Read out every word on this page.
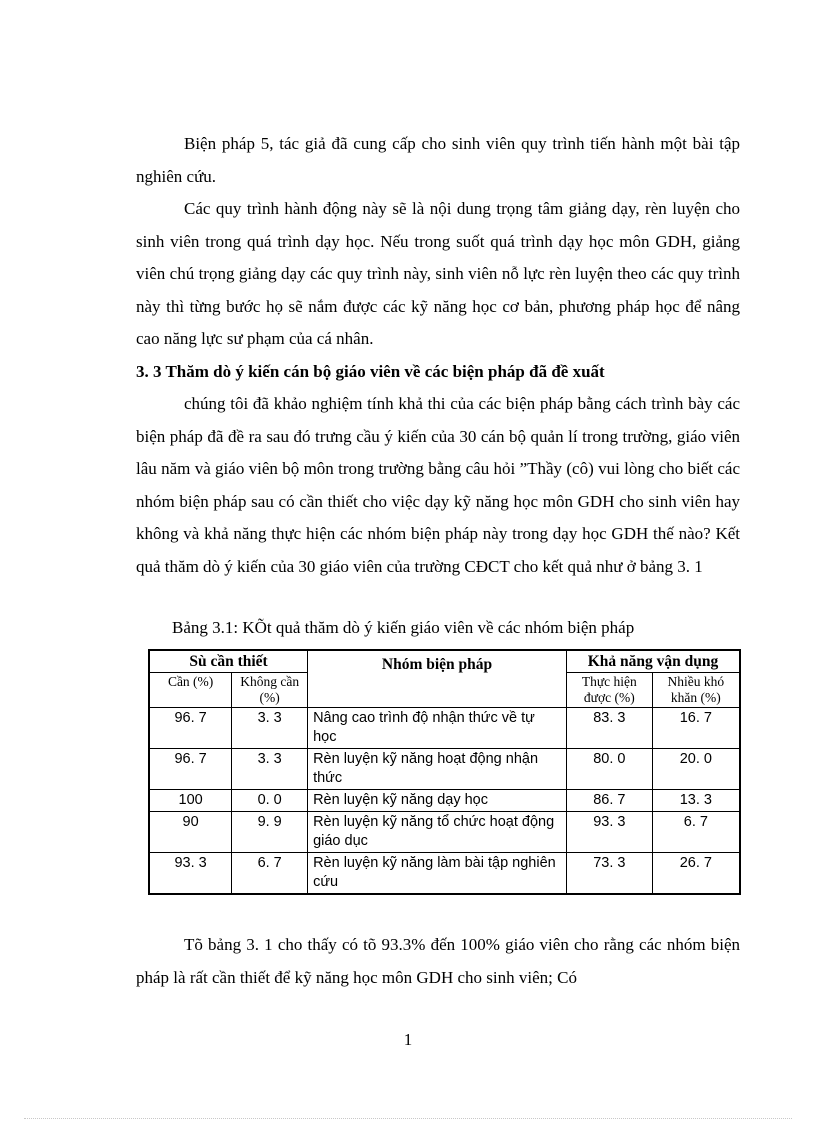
Biện pháp 5, tác giả đã cung cấp cho sinh viên quy trình tiến hành một bài tập nghiên cứu.

Các quy trình hành động này sẽ là nội dung trọng tâm giảng dạy, rèn luyện cho sinh viên trong quá trình dạy học. Nếu trong suốt quá trình dạy học môn GDH, giảng viên chú trọng giảng dạy các quy trình này, sinh viên nỗ lực rèn luyện theo các quy trình này thì từng bước họ sẽ nắm được các kỹ năng học cơ bản, phương pháp học để nâng cao năng lực sư phạm của cá nhân.

3. 3 Thăm dò ý kiến cán bộ giáo viên về các biện pháp đã đề xuất

chúng tôi đã khảo nghiệm tính khả thi của các biện pháp bằng cách trình bày các biện pháp đã đề ra sau đó trưng cầu ý kiến của 30 cán bộ quản lí trong trường, giáo viên lâu năm và giáo viên bộ môn trong trường bằng câu hỏi ”Thầy (cô) vui lòng cho biết các nhóm biện pháp sau có cần thiết cho việc dạy kỹ năng học môn GDH cho sinh viên hay không và khả năng thực hiện các nhóm biện pháp này trong dạy học GDH thế nào? Kết quả thăm dò ý kiến của 30 giáo viên của trường CĐCT cho kết quả như ở bảng 3. 1

Bảng 3.1: KÕt quả thăm dò ý kiến giáo viên về các nhóm biện pháp
Sù cần thiết		Nhóm biện pháp	Khả năng vận dụng	
Cần (%)	Không cần (%)		Thực hiện được (%)	Nhiều khó khăn (%)
96. 7	3. 3	Nâng cao trình độ nhận thức về tự học	83. 3	16. 7
96. 7	3. 3	Rèn luyện kỹ năng hoạt động nhận thức	80. 0	20. 0
100	0. 0	Rèn luyện kỹ năng dạy học	86. 7	13. 3
90	9. 9	Rèn luyện kỹ năng tổ chức hoạt động giáo dục	93. 3	6. 7
93. 3	6. 7	Rèn luyện kỹ năng làm bài tập nghiên cứu	73. 3	26. 7

Tõ bảng 3. 1 cho thấy có tõ 93.3% đến 100% giáo viên cho rằng các nhóm biện pháp là rất cần thiết để kỹ năng học môn GDH cho sinh viên; Có

1
